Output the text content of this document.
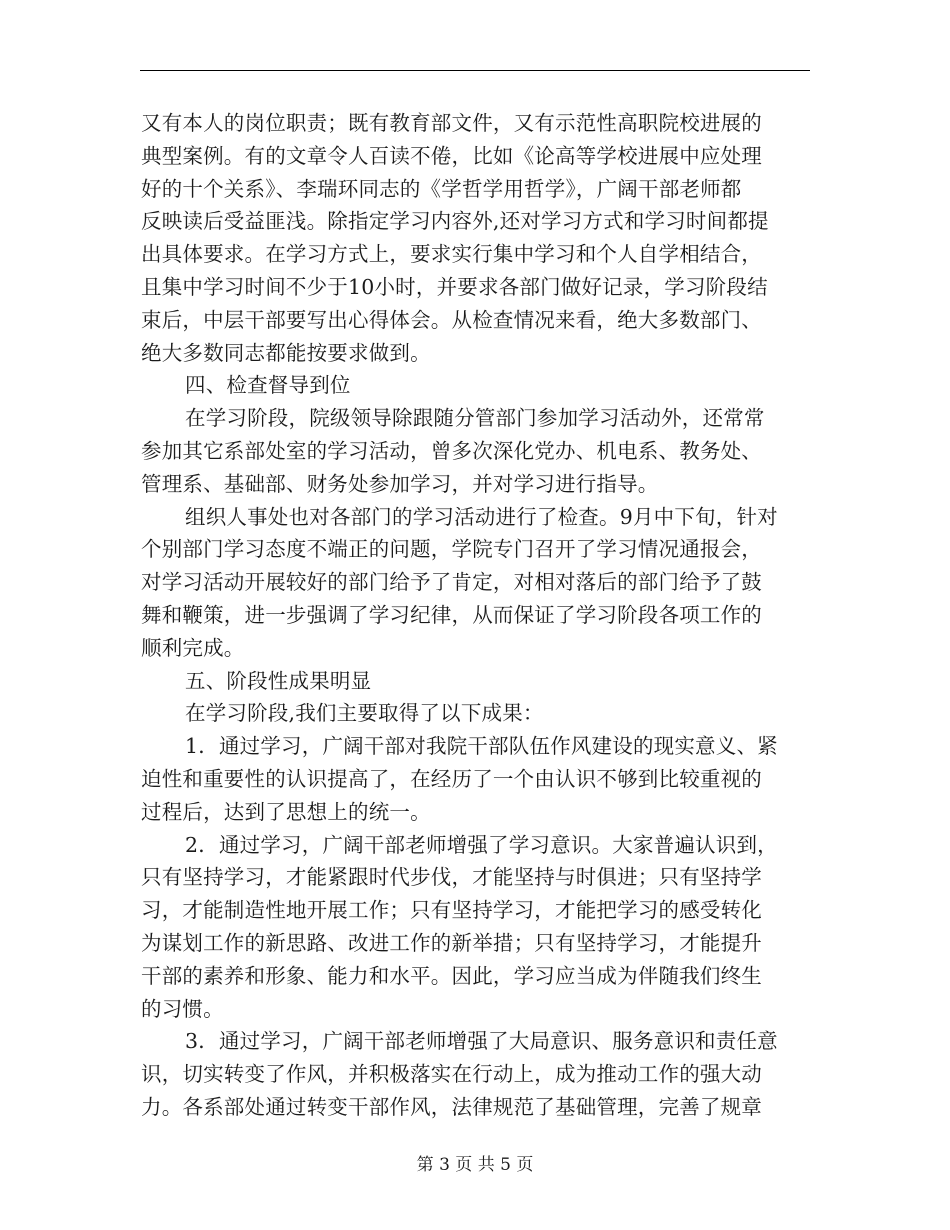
又有本人的岗位职责；既有教育部文件，又有示范性高职院校进展的
典型案例。有的文章令人百读不倦，比如《论高等学校进展中应处理
好的十个关系》、李瑞环同志的《学哲学用哲学》，广阔干部老师都
反映读后受益匪浅。除指定学习内容外,还对学习方式和学习时间都提
出具体要求。在学习方式上，要求实行集中学习和个人自学相结合，
且集中学习时间不少于10小时，并要求各部门做好记录，学习阶段结
束后，中层干部要写出心得体会。从检查情况来看，绝大多数部门、
绝大多数同志都能按要求做到。
四、检查督导到位
在学习阶段，院级领导除跟随分管部门参加学习活动外，还常常
参加其它系部处室的学习活动，曾多次深化党办、机电系、教务处、
管理系、基础部、财务处参加学习，并对学习进行指导。
组织人事处也对各部门的学习活动进行了检查。9月中下旬，针对
个别部门学习态度不端正的问题，学院专门召开了学习情况通报会，
对学习活动开展较好的部门给予了肯定，对相对落后的部门给予了鼓
舞和鞭策，进一步强调了学习纪律，从而保证了学习阶段各项工作的
顺利完成。
五、阶段性成果明显
在学习阶段,我们主要取得了以下成果：
1．通过学习，广阔干部对我院干部队伍作风建设的现实意义、紧
迫性和重要性的认识提高了，在经历了一个由认识不够到比较重视的
过程后，达到了思想上的统一。
2．通过学习，广阔干部老师增强了学习意识。大家普遍认识到，
只有坚持学习，才能紧跟时代步伐，才能坚持与时俱进；只有坚持学
习，才能制造性地开展工作；只有坚持学习，才能把学习的感受转化
为谋划工作的新思路、改进工作的新举措；只有坚持学习，才能提升
干部的素养和形象、能力和水平。因此，学习应当成为伴随我们终生
的习惯。
3．通过学习，广阔干部老师增强了大局意识、服务意识和责任意
识，切实转变了作风，并积极落实在行动上，成为推动工作的强大动
力。各系部处通过转变干部作风，法律规范了基础管理，完善了规章
第 3 页 共 5 页
